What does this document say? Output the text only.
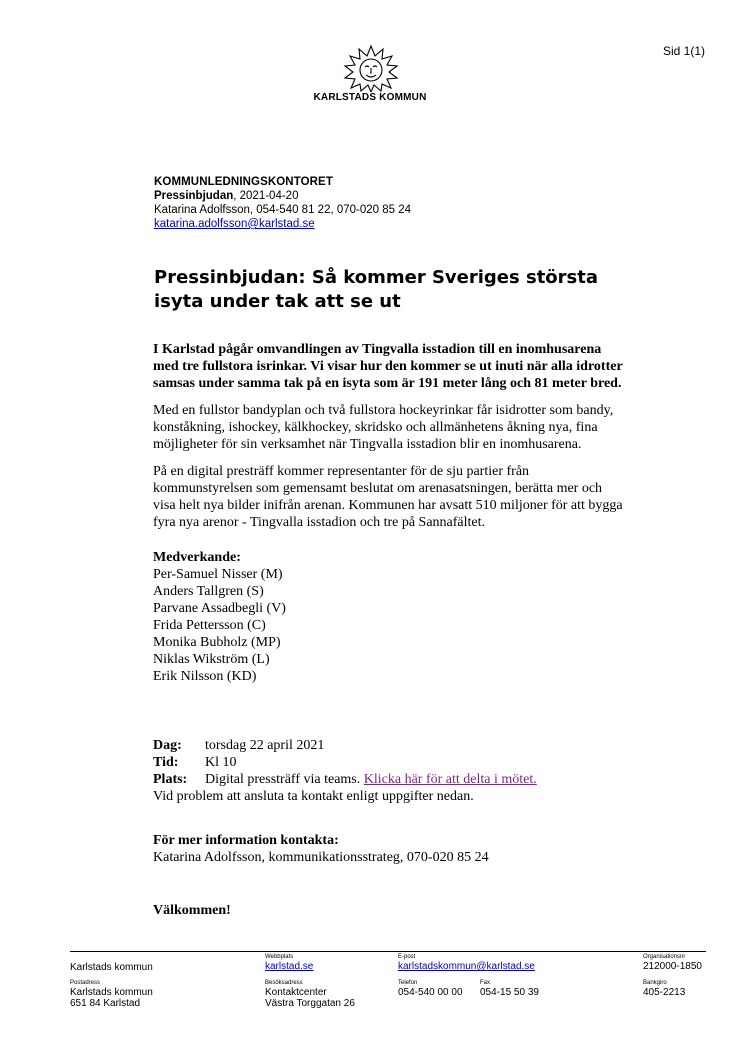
Sid 1(1)
KARLSTADS KOMMUN
KOMMUNLEDNINGSKONTORET
Pressinbjudan, 2021-04-20
Katarina Adolfsson, 054-540 81 22, 070-020 85 24
katarina.adolfsson@karlstad.se
Pressinbjudan: Så kommer Sveriges största
isyta under tak att se ut

I Karlstad pågår omvandlingen av Tingvalla isstadion till en inomhusarena med tre fullstora isrinkar. Vi visar hur den kommer se ut inuti när alla idrotter samsas under samma tak på en isyta som är 191 meter lång och 81 meter bred.

Med en fullstor bandyplan och två fullstora hockeyrinkar får isidrotter som bandy, konståkning, ishockey, kälkhockey, skridsko och allmänhetens åkning nya, fina möjligheter för sin verksamhet när Tingvalla isstadion blir en inomhusarena.

På en digital presträff kommer representanter för de sju partier från kommunstyrelsen som gemensamt beslutat om arenasatsningen, berätta mer och visa helt nya bilder inifrån arenan. Kommunen har avsatt 510 miljoner för att bygga fyra nya arenor - Tingvalla isstadion och tre på Sannafältet.

Medverkande:
Per-Samuel Nisser (M)
Anders Tallgren (S)
Parvane Assadbegli (V)
Frida Pettersson (C)
Monika Bubholz (MP)
Niklas Wikström (L)
Erik Nilsson (KD)
Dag: torsdag 22 april 2021
Tid: Kl 10
Plats: Digital pressträff via teams. Klicka här för att delta i mötet.
Vid problem att ansluta ta kontakt enligt uppgifter nedan.
För mer information kontakta:
Katarina Adolfsson, kommunikationsstrateg, 070-020 85 24
Välkommen!
Karlstads kommun
Webbplats
karlstad.se
E-post
karlstadskommun@karlstad.se
Organisationsnr
212000-1850
Postadress
Karlstads kommun
651 84 Karlstad
Besöksadress
Kontaktcenter
Västra Torggatan 26
Telefon
054-540 00 00
Fax
054-15 50 39
Bankgiro
405-2213
